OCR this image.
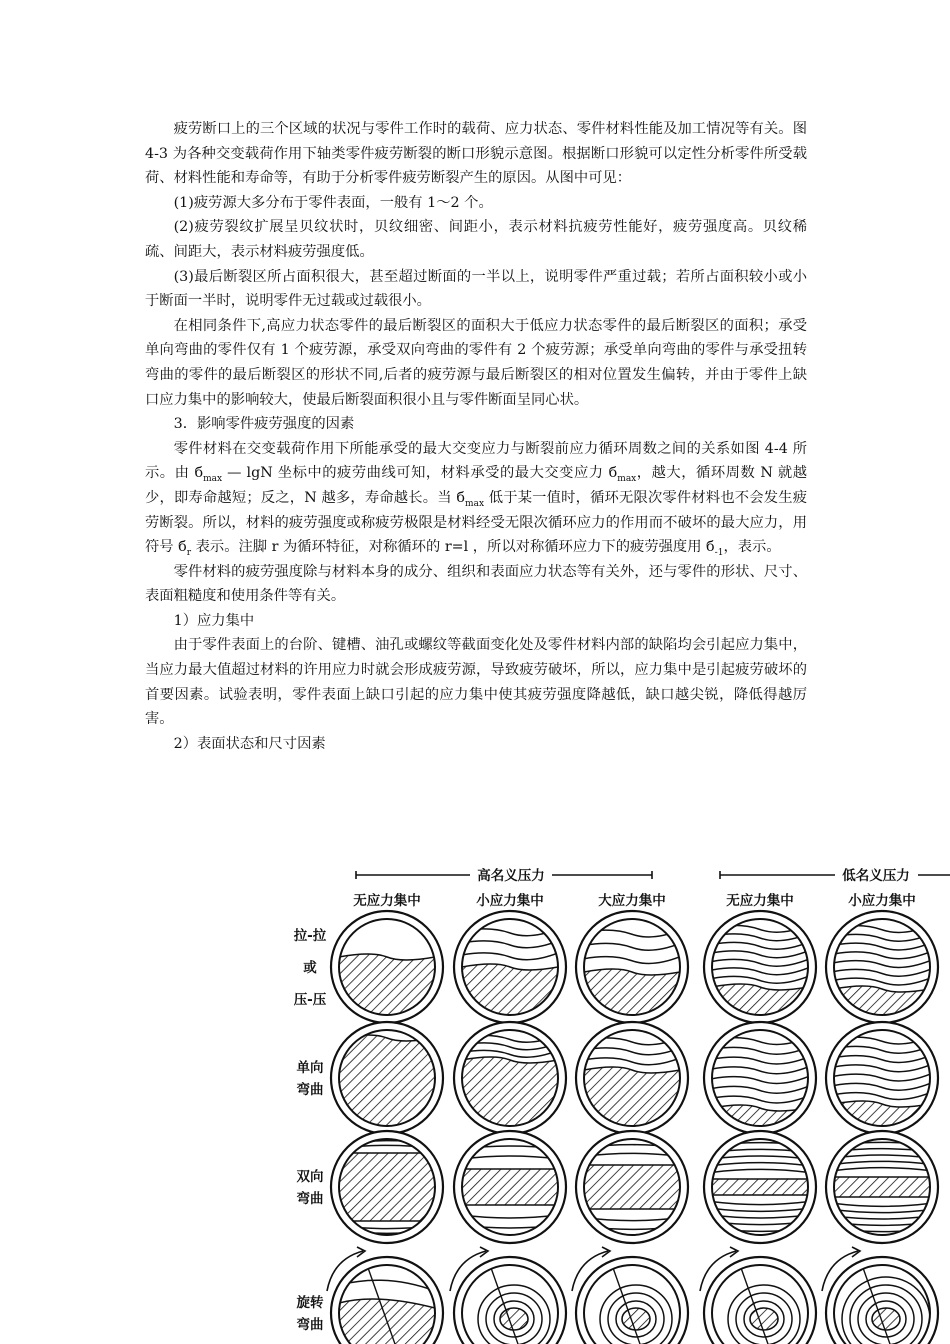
疲劳断口上的三个区域的状况与零件工作时的载荷、应力状态、零件材料性能及加工情况等有关。图 4-3 为各种交变载荷作用下轴类零件疲劳断裂的断口形貌示意图。根据断口形貌可以定性分析零件所受载荷、材料性能和寿命等，有助于分析零件疲劳断裂产生的原因。从图中可见：

(1)疲劳源大多分布于零件表面，一般有 1～2 个。

(2)疲劳裂纹扩展呈贝纹状时，贝纹细密、间距小，表示材料抗疲劳性能好，疲劳强度高。贝纹稀疏、间距大，表示材料疲劳强度低。

(3)最后断裂区所占面积很大，甚至超过断面的一半以上，说明零件严重过载；若所占面积较小或小于断面一半时，说明零件无过载或过载很小。

在相同条件下,高应力状态零件的最后断裂区的面积大于低应力状态零件的最后断裂区的面积；承受单向弯曲的零件仅有 1 个疲劳源，承受双向弯曲的零件有 2 个疲劳源；承受单向弯曲的零件与承受扭转弯曲的零件的最后断裂区的形状不同,后者的疲劳源与最后断裂区的相对位置发生偏转，并由于零件上缺口应力集中的影响较大，使最后断裂面积很小且与零件断面呈同心状。

3．影响零件疲劳强度的因素

零件材料在交变载荷作用下所能承受的最大交变应力与断裂前应力循环周数之间的关系如图 4-4 所示。由 $б_{max}$ — lgN 坐标中的疲劳曲线可知，材料承受的最大交变应力 $б_{max}$，越大，循环周数 N 就越少，即寿命越短；反之，N 越多，寿命越长。当 $б_{max}$ 低于某一值时，循环无限次零件材料也不会发生疲劳断裂。所以，材料的疲劳强度或称疲劳极限是材料经受无限次循环应力的作用而不破坏的最大应力，用符号 $б_r$ 表示。注脚 r 为循环特征，对称循环的 r=l ，所以对称循环应力下的疲劳强度用 $б_{-1}$，表示。

零件材料的疲劳强度除与材料本身的成分、组织和表面应力状态等有关外，还与零件的形状、尺寸、表面粗糙度和使用条件等有关。

1）应力集中

由于零件表面上的台阶、键槽、油孔或螺纹等截面变化处及零件材料内部的缺陷均会引起应力集中，当应力最大值超过材料的许用应力时就会形成疲劳源，导致疲劳破坏，所以，应力集中是引起疲劳破坏的首要因素。试验表明，零件表面上缺口引起的应力集中使其疲劳强度降越低，缺口越尖锐，降低得越厉害。

2）表面状态和尺寸因素

高名义压力	低名义压力
无应力集中	小应力集中	大应力集中	无应力集中	小应力集中
拉-拉
或
压-压
单向
弯曲
双向
弯曲
旋转
弯曲
